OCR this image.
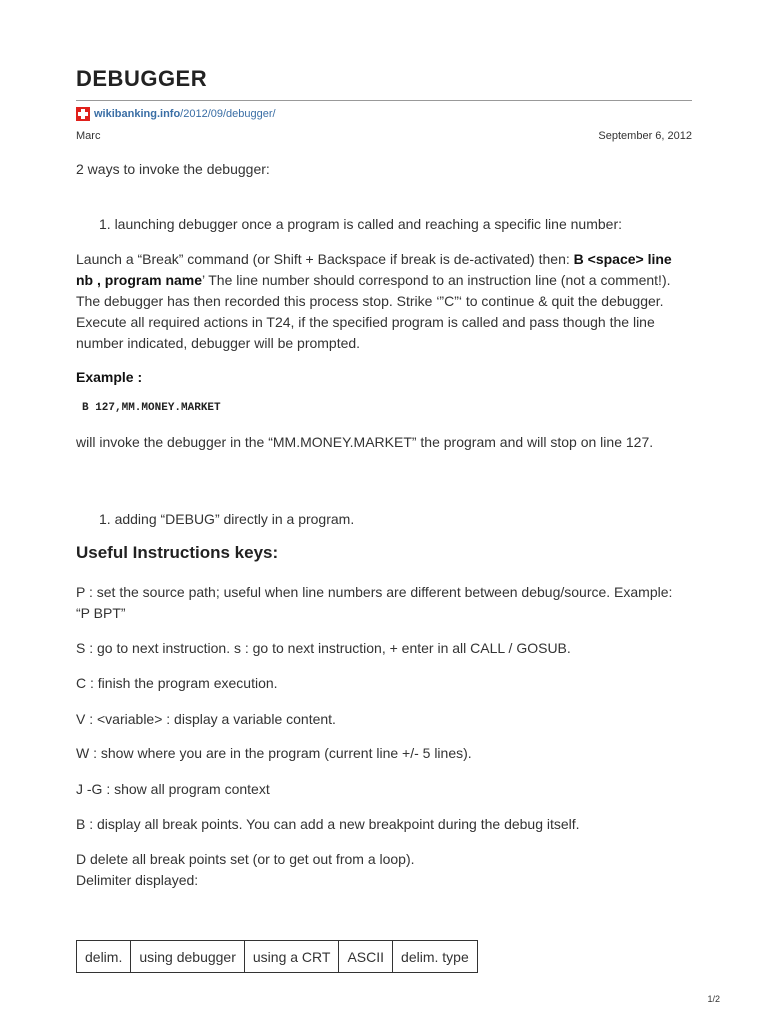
DEBUGGER
wikibanking.info/2012/09/debugger/
Marc	September 6, 2012
2 ways to invoke the debugger:
1. launching debugger once a program is called and reaching a specific line number:
Launch a “Break” command (or Shift + Backspace if break is de-activated) then: B <space> line nb , program name’ The line number should correspond to an instruction line (not a comment!). The debugger has then recorded this process stop. Strike ‘”C”‘ to continue & quit the debugger. Execute all required actions in T24, if the specified program is called and pass though the line number indicated, debugger will be prompted.
Example :
B 127,MM.MONEY.MARKET
will invoke the debugger in the “MM.MONEY.MARKET” the program and will stop on line 127.
1. adding “DEBUG” directly in a program.
Useful Instructions keys:
P : set the source path; useful when line numbers are different between debug/source. Example: “P BPT”
S : go to next instruction. s : go to next instruction, + enter in all CALL / GOSUB.
C : finish the program execution.
V : <variable> : display a variable content.
W : show where you are in the program (current line +/- 5 lines).
J -G : show all program context
B : display all break points. You can add a new breakpoint during the debug itself.
D delete all break points set (or to get out from a loop).
Delimiter displayed:
delim.	using debugger	using a CRT	ASCII	delim. type
1/2
